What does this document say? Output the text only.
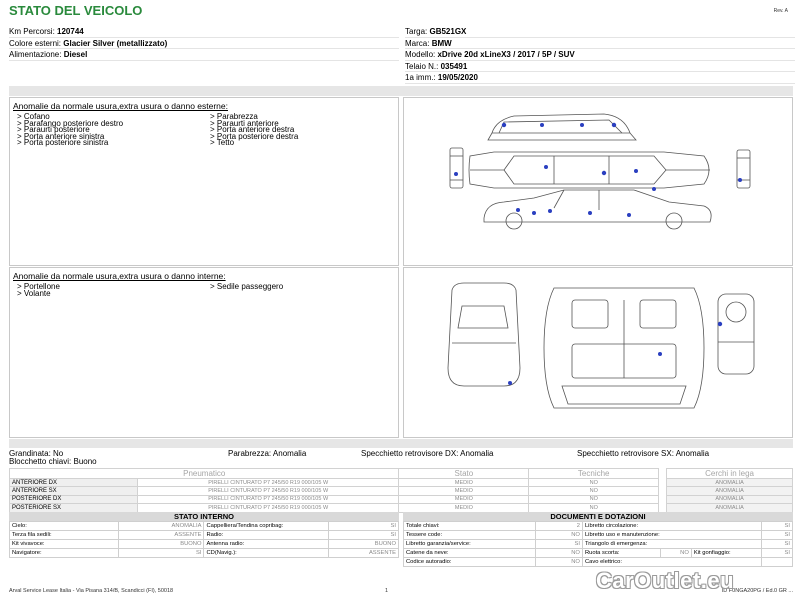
STATO DEL VEICOLO	Rev. A
Km Percorsi: 120744
Colore esterni: Glacier Silver (metallizzato)
Alimentazione: Diesel
Targa: GB521GX
Marca: BMW
Modello: xDrive 20d xLineX3 / 2017 / 5P / SUV
Telaio N.: 035491
1a imm.: 19/05/2020
Anomalie da normale usura,extra usura o danno esterne:
> Cofano
> Parafango posteriore destro
> Paraurti posteriore
> Porta anteriore sinistra
> Porta posteriore sinistra
> Parabrezza
> Paraurti anteriore
> Porta anteriore destra
> Porta posteriore destra
> Tetto
Anomalie da normale usura,extra usura o danno interne:
> Portellone
> Volante
> Sedile passeggero
Grandinata: No	Parabrezza: Anomalia	Specchietto retrovisore DX: Anomalia	Specchietto retrovisore SX: Anomalia
Blocchetto chiavi: Buono
Pneumatico		Stato	Tecniche		Cerchi in lega
ANTERIORE DX	PIRELLI CINTURATO P7 245/50 R19 000/105 W	MEDIO	NO		ANOMALIA
ANTERIORE SX	PIRELLI CINTURATO P7 245/50 R19 000/105 W	MEDIO	NO		ANOMALIA
POSTERIORE DX	PIRELLI CINTURATO P7 245/50 R19 000/105 W	MEDIO	NO		ANOMALIA
POSTERIORE SX	PIRELLI CINTURATO P7 245/50 R19 000/105 W	MEDIO	NO		ANOMALIA
STATO INTERNO
Cielo:	ANOMALIA	Cappelliera/Tendina copribag:	SI
Terza fila sedili:	ASSENTE	Radio:	SI
Kit vivavoce:	BUONO	Antenna radio:	BUONO
Navigatore:	SI	CD(Navig.):	ASSENTE
DOCUMENTI E DOTAZIONI
Totale chiavi:	2	Libretto circolazione:			SI
Tessere code:	NO	Libretto uso e manutenzione:			SI
Libretto garanzia/service:	SI	Triangolo di emergenza:			SI
Catene da neve:	NO	Ruota scorta:	NO	Kit gonfiaggio:	SI
Codice autoradio:	NO	Cavo elettrico:			
Arval Service Lease Italia - Via Pisana 314/B, Scandicci (FI), 50018	1	ID F0NGA20PG / Ed.0 GR ...
CarOutlet.eu
